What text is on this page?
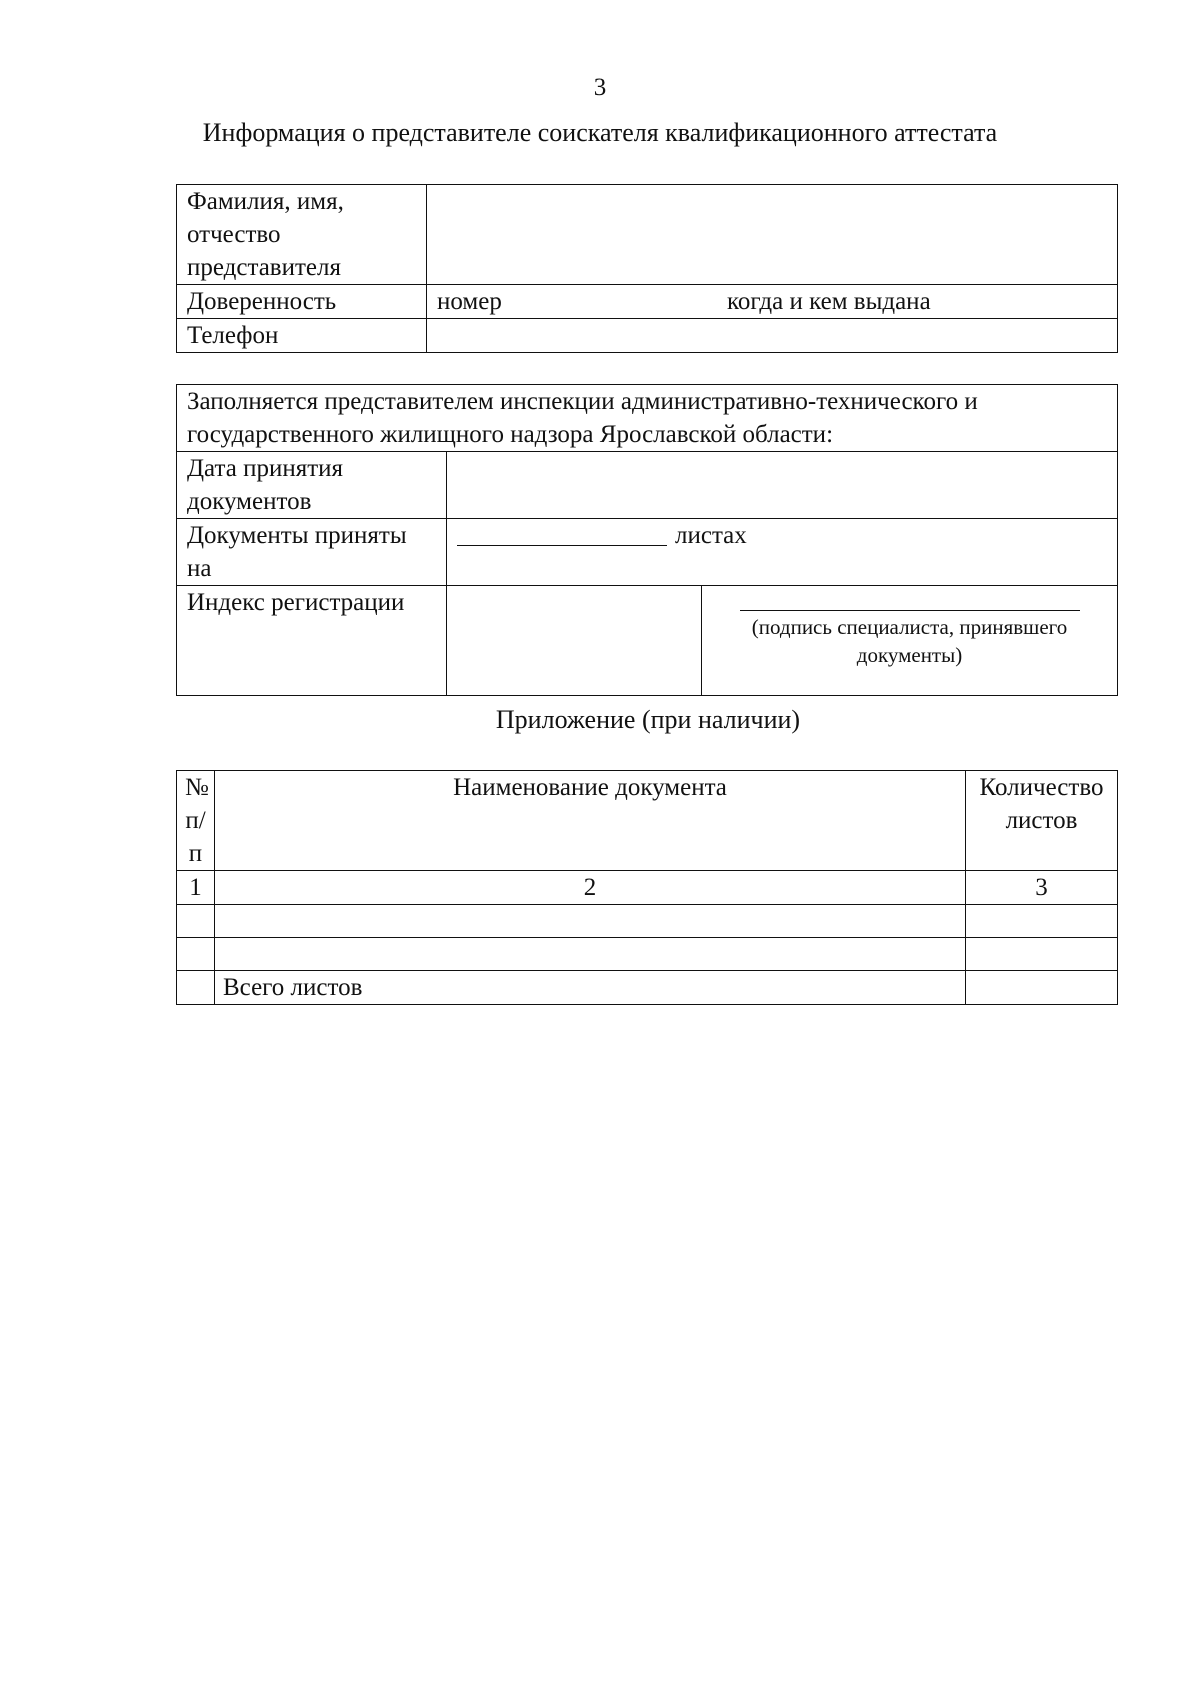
3
Информация о представителе соискателя квалификационного аттестата
Фамилия, имя, отчество представителя	
Доверенность	номер когда и кем выдана

Телефон	
Заполняется представителем инспекции административно-технического и государственного жилищного надзора Ярославской области:		
Дата принятия документов		
Документы приняты на	листах	
Индекс регистрации		(подпись специалиста, принявшего документы)
Приложение (при наличии)
№ п/п	Наименование документа	Количество листов
1	2	3

	Всего листов	
